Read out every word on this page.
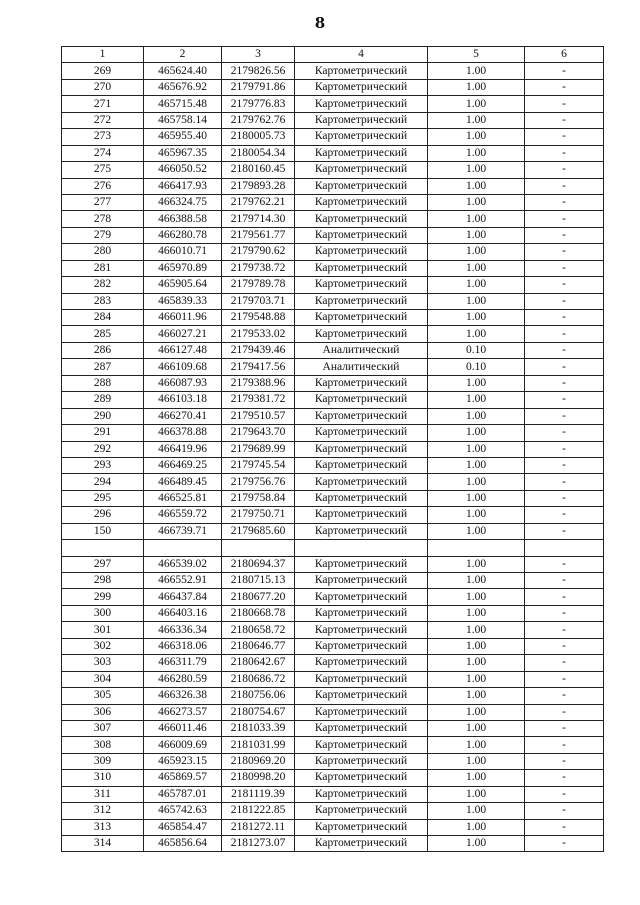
8
1	2	3	4	5	6
269	465624.40	2179826.56	Картометрический	1.00	-
270	465676.92	2179791.86	Картометрический	1.00	-
271	465715.48	2179776.83	Картометрический	1.00	-
272	465758.14	2179762.76	Картометрический	1.00	-
273	465955.40	2180005.73	Картометрический	1.00	-
274	465967.35	2180054.34	Картометрический	1.00	-
275	466050.52	2180160.45	Картометрический	1.00	-
276	466417.93	2179893.28	Картометрический	1.00	-
277	466324.75	2179762.21	Картометрический	1.00	-
278	466388.58	2179714.30	Картометрический	1.00	-
279	466280.78	2179561.77	Картометрический	1.00	-
280	466010.71	2179790.62	Картометрический	1.00	-
281	465970.89	2179738.72	Картометрический	1.00	-
282	465905.64	2179789.78	Картометрический	1.00	-
283	465839.33	2179703.71	Картометрический	1.00	-
284	466011.96	2179548.88	Картометрический	1.00	-
285	466027.21	2179533.02	Картометрический	1.00	-
286	466127.48	2179439.46	Аналитический	0.10	-
287	466109.68	2179417.56	Аналитический	0.10	-
288	466087.93	2179388.96	Картометрический	1.00	-
289	466103.18	2179381.72	Картометрический	1.00	-
290	466270.41	2179510.57	Картометрический	1.00	-
291	466378.88	2179643.70	Картометрический	1.00	-
292	466419.96	2179689.99	Картометрический	1.00	-
293	466469.25	2179745.54	Картометрический	1.00	-
294	466489.45	2179756.76	Картометрический	1.00	-
295	466525.81	2179758.84	Картометрический	1.00	-
296	466559.72	2179750.71	Картометрический	1.00	-
150	466739.71	2179685.60	Картометрический	1.00	-

297	466539.02	2180694.37	Картометрический	1.00	-
298	466552.91	2180715.13	Картометрический	1.00	-
299	466437.84	2180677.20	Картометрический	1.00	-
300	466403.16	2180668.78	Картометрический	1.00	-
301	466336.34	2180658.72	Картометрический	1.00	-
302	466318.06	2180646.77	Картометрический	1.00	-
303	466311.79	2180642.67	Картометрический	1.00	-
304	466280.59	2180686.72	Картометрический	1.00	-
305	466326.38	2180756.06	Картометрический	1.00	-
306	466273.57	2180754.67	Картометрический	1.00	-
307	466011.46	2181033.39	Картометрический	1.00	-
308	466009.69	2181031.99	Картометрический	1.00	-
309	465923.15	2180969.20	Картометрический	1.00	-
310	465869.57	2180998.20	Картометрический	1.00	-
311	465787.01	2181119.39	Картометрический	1.00	-
312	465742.63	2181222.85	Картометрический	1.00	-
313	465854.47	2181272.11	Картометрический	1.00	-
314	465856.64	2181273.07	Картометрический	1.00	-
